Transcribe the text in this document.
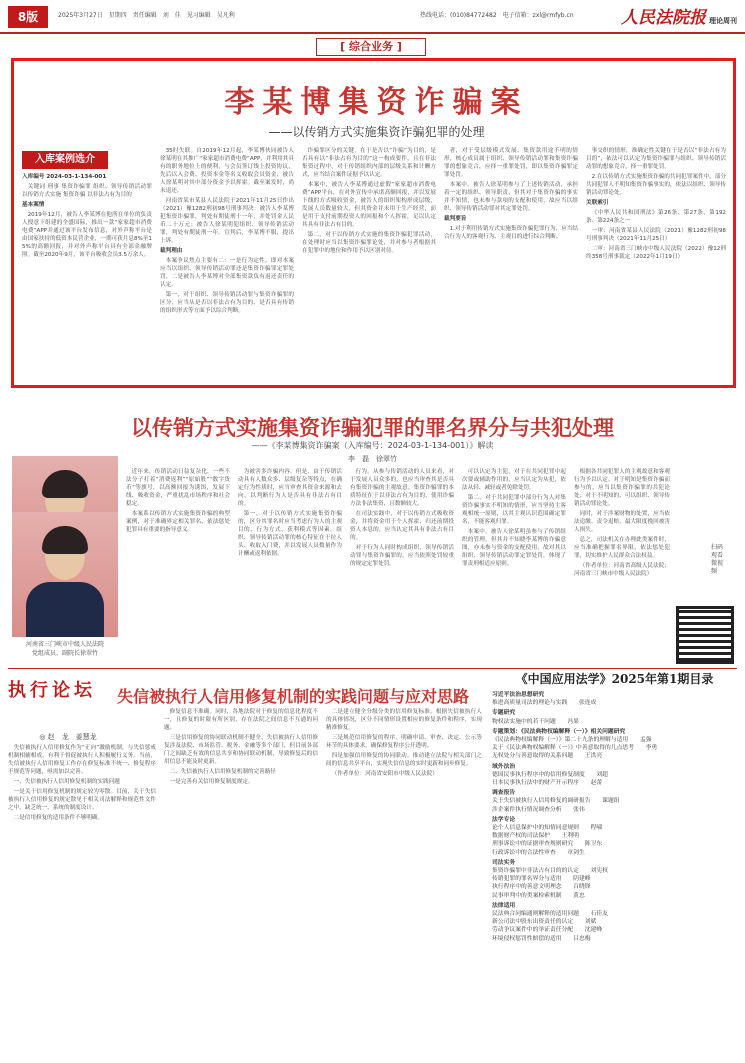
8版	2025年3月27日　星期四　责任编辑　刘　佳　见习编辑　吴凡利	热线电话：(010)84772482　电子信箱：zxl@rmfyb.cn	人民法院报 理论周刊
[ 综合业务 ]
李某博集资诈骗案
——以传销方式实施集资诈骗犯罪的处理
入库案例选介

入库编号 2024-03-1-134-001

关键词 刑事 集资诈骗罪 组织、领导传销活动罪 以传销方式实施 集资诈骗 以非法占有为目的

基本案情

2019年12月，被告人李某博在他所在单位的负责人授意下组建的全盛国际，推出一款“家家超市消费电费”APP并通过该平台发布信息，对外声称平台是由国家扶持的低资本民营企业，一期可获月息8%至15%的高额回报，并对外声称平台具有全部金融牌照。截至2020年9月，该平台吸收会员3.5万余人。

35时失联。自2019年12月起，李某博伙同被告人徐某明在其推广“家家超市消费电费”APP，并利用其具有的职务地位上的便利，与会员签订线上投资协议，先后以入会费、投资本金等名义收取会员资金，被告人徐某明对其中部分资金予以挥霍。截至案发时，尚未退还。

河南省某市某县人民法院于2021年11月25日作出（2021）豫1282刑初98号刑事判决：被告人李某博犯集资诈骗罪，判处有期徒刑十一年，并处罚金人民币二十万元；被告人徐某明犯组织、领导传销活动罪，判处有期徒刑一年。宣判后，李某博不服，提出上诉。

裁判理由

本案争议焦点主要有二：一是行为定性，即对本案应当以组织、领导传销活动罪还是集资诈骗罪定罪处罚，二是被告人李某博对全部集资款负有返还责任的认定。

第一，对于组织、领导传销活动罪与集资诈骗罪的区分，应当从是否以非法占有为目的、是否具有传销的组织形式等方面予以综合判断。

诈骗罪区分的关键，在于是否以“诈骗”为目的，是否具有以“非法占有为目的”这一构成要件，且在非法集资过程中，对于传销组织内部的层级关系和计酬方式，应当结合案件证据予以认定。

本案中，被告人李某博通过虚假“家家超市消费电费”APP平台，在对外宣传中承诺高额回报，并以发展下线的方式吸收资金，被告人的组织架构形成层级，发展人员数量较大，但其资金并未用于生产经营，而是用于支付前期投资人的回报和个人挥霍，足以认定其具有非法占有目的。

第二，对于以传销方式实施的集资诈骗犯罪活动，在处理时应当以集资诈骗罪论处，并对参与者根据其在犯罪中的地位和作用予以区别对待。

者，对于受层级模式发展、集资款用途不明的情形，核心成员属于组织、领导传销活动罪和集资诈骗罪的想象竞合，应择一重罪处罚，即以集资诈骗罪定罪处罚。

本案中，被告人徐某明参与了上述传销活动，承担着一定的组织、领导职责，但其对于集资诈骗的事实并不知情，也未参与款项的支配和使用，故应当以组织、领导传销活动罪对其定罪处罚。

裁判要旨

1.对于利用传销方式实施集资诈骗犯罪行为，应当结合行为人的客观行为、主观目的进行综合判断。

事交织的情形，准确定性关键在于是否以“非法占有为目的”，依法可以认定为集资诈骗罪与组织、领导传销活动罪的想象竞合，择一重罪处罚。

2.在以传销方式实施集资诈骗的共同犯罪案件中，部分共同犯罪人不明知集资诈骗事实的，依法以组织、领导传销活动罪论处。

关联索引

《中华人民共和国刑法》第26条、第27条、第192条、第224条之一

一审：河南省某县人民法院（2021）豫1282刑初98号刑事判决（2021年11月25日）

二审：河南省三门峡市中级人民法院（2022）豫12刑终358号刑事裁定（2022年1月19日）

以传销方式实施集资诈骗犯罪的罪名界分与共犯处理
——《李某博集资诈骗案（入库编号：2024-03-1-134-001）》解读
李　磊　徐翠竹
河南省三门峡市中级人民法院
党组成员、副院长徐翠竹

近年来，传销活动日益复杂化，一些不法分子打着“消费返利”“原始股”“数字货币”等旗号，以高额回报为诱饵，发展下线、吸收资金，严重扰乱市场秩序和社会稳定。

本案系以传销方式实施集资诈骗的典型案例，对于准确界定相关罪名、依法惩处犯罪具有重要的指导意义。

为被害多诈骗内容。但是，由于传销活动具有人数众多、层级复杂等特点，在确定行为性质时，应当审查其资金来源和去向，以判断行为人是否具有非法占有目的。

第一，对于以传销方式实施集资诈骗的，区分其罪名时应当考虑行为人的主观目的、行为方式、获利模式等因素。组织、领导传销活动罪的核心特征在于拉人头、收取入门费，并以发展人员数量作为计酬或返利依据。

行为。从参与传销活动的人员来看，对于发展人员众多的，也应当审查其是否具有集资诈骗的主观故意。集资诈骗罪的本质特征在于以非法占有为目的，使用诈骗方法非法集资，且数额较大。

在司法实践中，对于以传销方式吸收资金，并将资金用于个人挥霍、归还前期投资人本息的，应当认定其具有非法占有目的。

对于行为人同时构成组织、领导传销活动罪与集资诈骗罪的，应当依照处罚较重的规定定罪处罚。

可以认定为主犯。对于在共同犯罪中起次要或辅助作用的，应当认定为从犯，依法从轻、减轻或者免除处罚。

第二，对于共同犯罪中部分行为人对集资诈骗事实不明知的情形，应当坚持主客观相统一原则，以其主观认识范围确定罪名，不能客观归罪。

本案中，被告人徐某明虽参与了传销组织的管理，但其并不知晓李某博的诈骗意图，亦未参与资金的支配使用，故对其以组织、领导传销活动罪定罪处罚，体现了罪责刑相适应原则。

根据各共同犯罪人的主观故意和客观行为予以认定。对于明知是集资诈骗而参与的，应当以集资诈骗罪的共犯论处；对于不明知的，可以组织、领导传销活动罪论处。

同时，对于涉案财物的处置，应当依法追缴、责令退赔，最大限度挽回被害人损失。

总之，司法机关在办理此类案件时，应当准确把握罪名界限，依法惩处犯罪，切实维护人民群众合法权益。

（作者单位：河南省高级人民法院；河南省三门峡市中级人民法院）

扫码观看微视频
执行论坛	失信被执行人信用修复机制的实践问题与应对思路
◎ 赵　龙　姜慧龙

失信被执行人信用修复作为“正向”激励机制，与失信惩戒机制相辅相成，有利于督促被执行人积极履行义务。当前，失信被执行人信用修复工作存在修复标准不统一、修复程序不规范等问题，亟需加以完善。

一、失信被执行人信用修复机制的实践问题

一是关于信用修复机制的规定较为零散。目前，关于失信被执行人信用修复的规定散见于相关司法解释和规范性文件之中，缺乏统一、系统的制度设计。

二是信用修复的适用条件不够明确。

修复信息不准确。同时，各地法院对于修复的信息化程度不一，且修复的时限有所区别，存在法院之间信息不互通的问题。

三是信用修复的协同联动机制不健全。失信被执行人信用修复涉及法院、市场监管、税务、金融等多个部门，但目前各部门之间缺乏有效的信息共享和协同联动机制，导致修复后的信用信息不能及时更新。

二、失信被执行人信用修复机制的完善路径

一是完善有关信用修复制度规定。

二是建立健全分级分类的信用修复标准。根据失信被执行人的具体情况，区分不同情形设置相应的修复条件和程序，实现精准修复。

三是规范信用修复的程序。明确申请、审查、决定、公示等环节的具体要求，确保修复程序公开透明。

四是加强信用修复的协同联动。推动建立法院与相关部门之间的信息共享平台，实现失信信息的实时更新和同步修复。

（作者单位：河南省安阳市中级人民法院）

《中国应用法学》2025年第1期目录
习近平法治思想研究
推进高质量司法的理论与实践　　张连成
专题研究
物权法实施中的若干问题　　冯果
专题策划：《民法典物权编解释（一）》相关问题研究
《民法典物权编解释（一）》第二十九条的理解与适用　　孟强
关于《民法典物权编解释（一）》中善意取得的几点思考　　李勇
无权处分与善意取得的关系问题　　王洪亮
域外法治
德国民事执行程序中的信用修复制度　　刘超
日本民事执行法中的财产开示程序　　赵蕾
调查报告
关于失信被执行人信用修复的调研报告　　课题组
涉企案件执行情况调查分析　　张伟
法学专论
论个人信息保护中的知情同意规则　　程啸
数据财产权的司法保护　　王利明
刑事诉讼中的证据审查规则研究　　陈卫东
行政诉讼中的合法性审查　　章剑生
司法实务
集资诈骗罪中非法占有目的的认定　　刘宪权
传销犯罪的罪名界分与适用　　阴建峰
执行程序中的善意文明理念　　百晓锋
民事审判中的类案检索机制　　黄忠
法律适用
民法典合同编通则解释的适用问题　　石佳友
新公司法中股东出资责任的认定　　刘斌
劳动争议案件中的举证责任分配　　沈建峰
环境侵权惩罚性赔偿的适用　　吕忠梅
